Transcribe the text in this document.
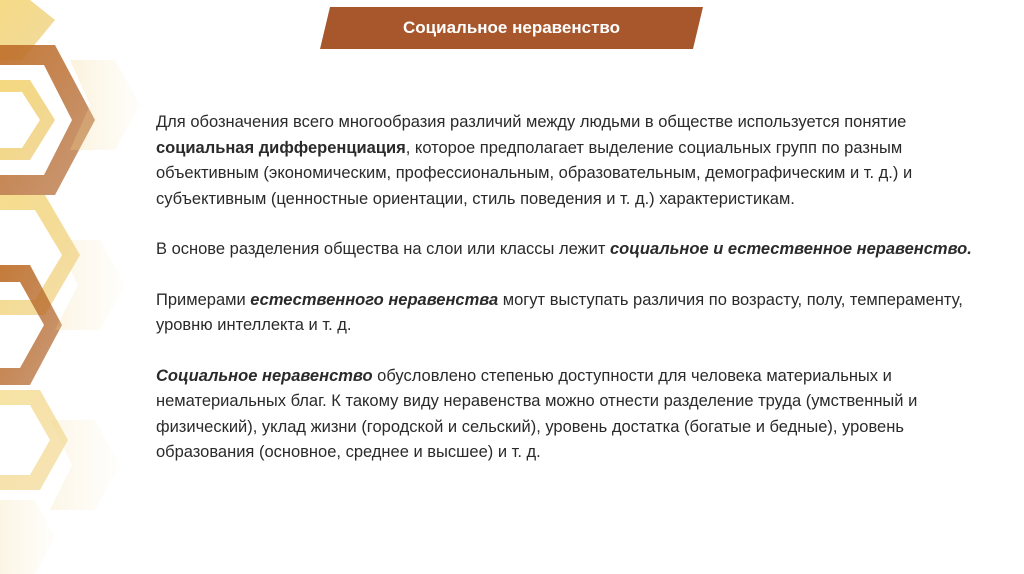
Социальное неравенство

Для обозначения всего многообразия различий между людьми в обществе используется понятие социальная дифференциация, которое предполагает выделение социальных групп по разным объективным (экономическим, профессиональным, образовательным, демографическим и т. д.) и субъективным (ценностные ориентации, стиль поведения и т. д.) характеристикам.

В основе разделения общества на слои или классы лежит социальное и естественное неравенство.

Примерами естественного неравенства могут выступать различия по возрасту, полу, темпераменту, уровню интеллекта и т. д.

Социальное неравенство обусловлено степенью доступности для человека материальных и нематериальных благ. К такому виду неравенства можно отнести разделение труда (умственный и физический), уклад жизни (городской и сельский), уровень достатка (богатые и бедные), уровень образования (основное, среднее и высшее) и т. д.
